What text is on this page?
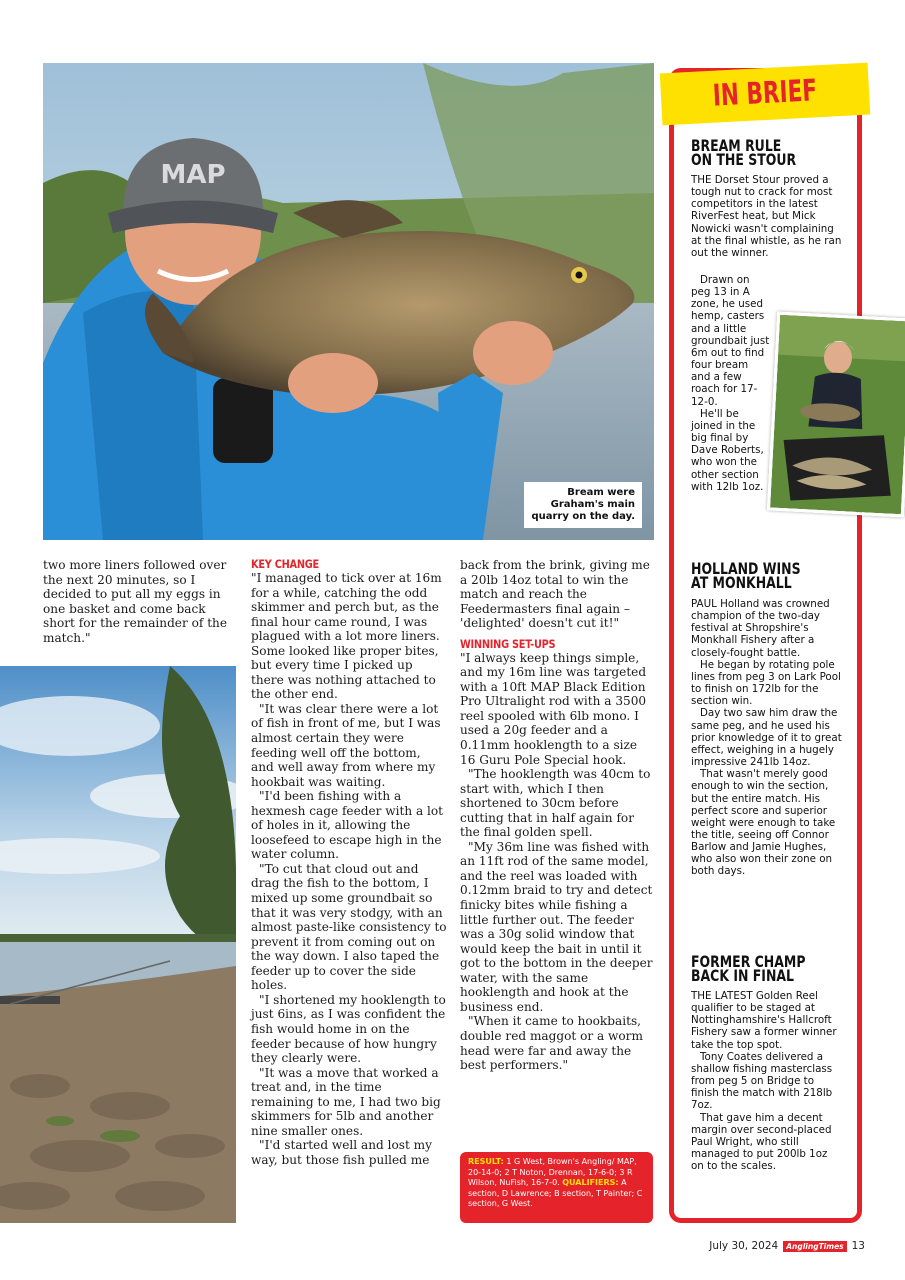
MAP
Bream were
Graham's main
quarry on the day.

two more liners followed over the next 20 minutes, so I decided to put all my eggs in one basket and come back short for the remainder of the match."

KEY CHANGE

"I managed to tick over at 16m for a while, catching the odd skimmer and perch but, as the final hour came round, I was plagued with a lot more liners. Some looked like proper bites, but every time I picked up there was nothing attached to the other end.

"It was clear there were a lot of fish in front of me, but I was almost certain they were feeding well off the bottom, and well away from where my hookbait was waiting.

"I'd been fishing with a hexmesh cage feeder with a lot of holes in it, allowing the loosefeed to escape high in the water column.

"To cut that cloud out and drag the fish to the bottom, I mixed up some groundbait so that it was very stodgy, with an almost paste-like consistency to prevent it from coming out on the way down. I also taped the feeder up to cover the side holes.

"I shortened my hooklength to just 6ins, as I was confident the fish would home in on the feeder because of how hungry they clearly were.

"It was a move that worked a treat and, in the time remaining to me, I had two big skimmers for 5lb and another nine smaller ones.

"I'd started well and lost my way, but those fish pulled me

back from the brink, giving me a 20lb 14oz total to win the match and reach the Feedermasters final again – 'delighted' doesn't cut it!"

WINNING SET-UPS

"I always keep things simple, and my 16m line was targeted with a 10ft MAP Black Edition Pro Ultralight rod with a 3500 reel spooled with 6lb mono. I used a 20g feeder and a 0.11mm hooklength to a size 16 Guru Pole Special hook.

"The hooklength was 40cm to start with, which I then shortened to 30cm before cutting that in half again for the final golden spell.

"My 36m line was fished with an 11ft rod of the same model, and the reel was loaded with 0.12mm braid to try and detect finicky bites while fishing a little further out. The feeder was a 30g solid window that would keep the bait in until it got to the bottom in the deeper water, with the same hooklength and hook at the business end.

"When it came to hookbaits, double red maggot or a worm head were far and away the best performers."

RESULT: 1 G West, Brown's Angling/ MAP, 20-14-0; 2 T Noton, Drennan, 17-6-0; 3 R Wilson, NuFish, 16-7-0. QUALIFIERS: A section, D Lawrence; B section, T Painter; C section, G West.
IN BRIEF
BREAM RULE
ON THE STOUR

THE Dorset Stour proved a tough nut to crack for most competitors in the latest RiverFest heat, but Mick Nowicki wasn't complaining at the final whistle, as he ran out the winner.

Drawn on peg 13 in A zone, he used hemp, casters and a little groundbait just 6m out to find four bream and a few roach for 17-12-0.

He'll be joined in the big final by Dave Roberts, who won the other section with 12lb 1oz.

HOLLAND WINS
AT MONKHALL

PAUL Holland was crowned champion of the two-day festival at Shropshire's Monkhall Fishery after a closely-fought battle.

He began by rotating pole lines from peg 3 on Lark Pool to finish on 172lb for the section win.

Day two saw him draw the same peg, and he used his prior knowledge of it to great effect, weighing in a hugely impressive 241lb 14oz.

That wasn't merely good enough to win the section, but the entire match. His perfect score and superior weight were enough to take the title, seeing off Connor Barlow and Jamie Hughes, who also won their zone on both days.

FORMER CHAMP
BACK IN FINAL

THE LATEST Golden Reel qualifier to be staged at Nottinghamshire's Hallcroft Fishery saw a former winner take the top spot.

Tony Coates delivered a shallow fishing masterclass from peg 5 on Bridge to finish the match with 218lb 7oz.

That gave him a decent margin over second-placed Paul Wright, who still managed to put 200lb 1oz on to the scales.

July 30, 2024	AnglingTimes 13
